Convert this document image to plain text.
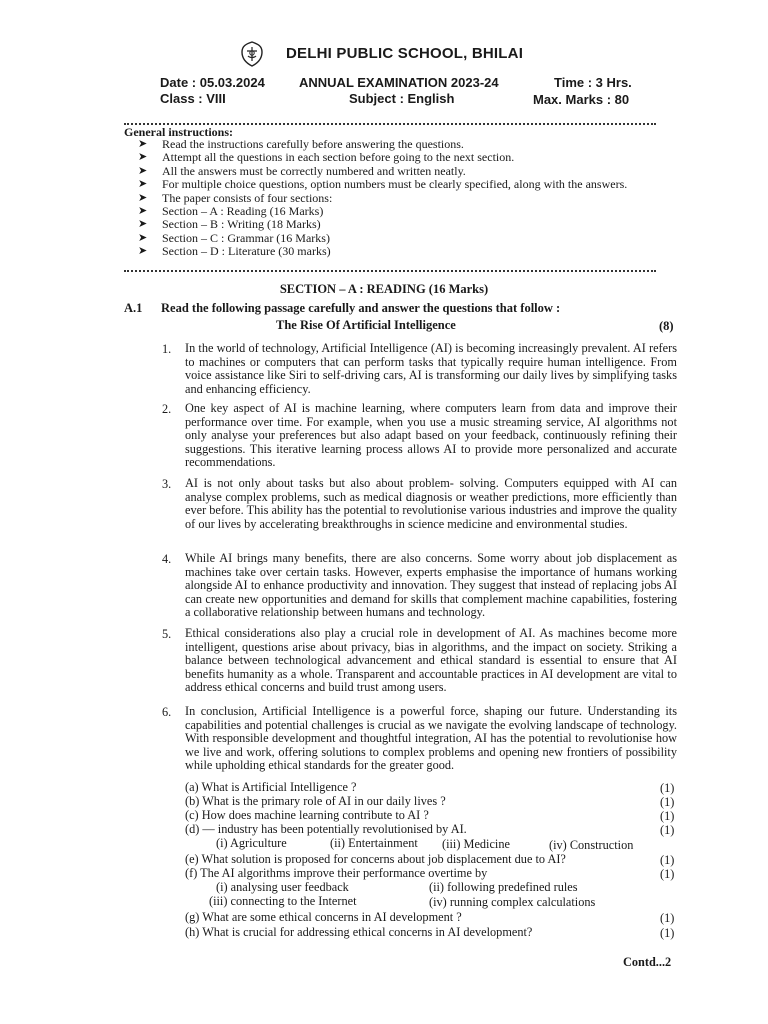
DELHI PUBLIC SCHOOL, BHILAI
Date : 05.03.2024	ANNUAL EXAMINATION 2023-24	Time : 3 Hrs.
Class : VIII	Subject : English	Max. Marks : 80
General instructions:
➤	Read the instructions carefully before answering the questions.
➤	Attempt all the questions in each section before going to the next section.
➤	All the answers must be correctly numbered and written neatly.
➤	For multiple choice questions, option numbers must be clearly specified, along with the answers.
➤	The paper consists of four sections:
➤	Section – A : Reading (16 Marks)
➤	Section – B : Writing (18 Marks)
➤	Section – C : Grammar (16 Marks)
➤	Section – D : Literature (30 marks)
SECTION – A : READING (16 Marks)
A.1 Read the following passage carefully and answer the questions that follow :
The Rise Of Artificial Intelligence	(8)
1. In the world of technology, Artificial Intelligence (AI) is becoming increasingly prevalent. AI refers to machines or computers that can perform tasks that typically require human intelligence. From voice assistance like Siri to self-driving cars, AI is transforming our daily lives by simplifying tasks and enhancing efficiency.
2. One key aspect of AI is machine learning, where computers learn from data and improve their performance over time. For example, when you use a music streaming service, AI algorithms not only analyse your preferences but also adapt based on your feedback, continuously refining their suggestions. This iterative learning process allows AI to provide more personalized and accurate recommendations.
3. AI is not only about tasks but also about problem- solving. Computers equipped with AI can analyse complex problems, such as medical diagnosis or weather predictions, more efficiently than ever before. This ability has the potential to revolutionise various industries and improve the quality of our lives by accelerating breakthroughs in science medicine and environmental studies.
4. While AI brings many benefits, there are also concerns. Some worry about job displacement as machines take over certain tasks. However, experts emphasise the importance of humans working alongside AI to enhance productivity and innovation. They suggest that instead of replacing jobs AI can create new opportunities and demand for skills that complement machine capabilities, fostering a collaborative relationship between humans and technology.
5. Ethical considerations also play a crucial role in development of AI. As machines become more intelligent, questions arise about privacy, bias in algorithms, and the impact on society. Striking a balance between technological advancement and ethical standard is essential to ensure that AI benefits humanity as a whole. Transparent and accountable practices in AI development are vital to address ethical concerns and build trust among users.
6. In conclusion, Artificial Intelligence is a powerful force, shaping our future. Understanding its capabilities and potential challenges is crucial as we navigate the evolving landscape of technology. With responsible development and thoughtful integration, AI has the potential to revolutionise how we live and work, offering solutions to complex problems and opening new frontiers of possibility while upholding ethical standards for the greater good.
(a) What is Artificial Intelligence ?	(1)
(b) What is the primary role of AI in our daily lives ?	(1)
(c) How does machine learning contribute to AI ?	(1)
(d) — industry has been potentially revolutionised by AI.	(1)
(i) Agriculture	(ii) Entertainment (iii) Medicine	(iv) Construction
(e) What solution is proposed for concerns about job displacement due to AI?	(1)
(f) The AI algorithms improve their performance overtime by	(1)
(i) analysing user feedback	(ii) following predefined rules
(iii) connecting to the Internet	(iv) running complex calculations
(g) What are some ethical concerns in AI development ?	(1)
(h) What is crucial for addressing ethical concerns in AI development?	(1)
Contd...2
